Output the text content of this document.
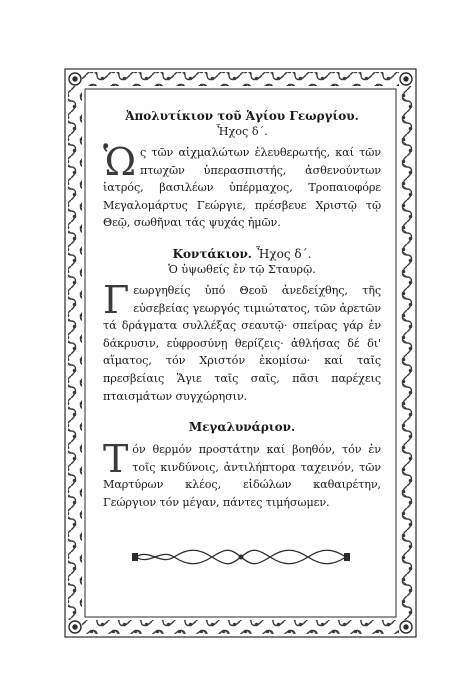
Ἀπολυτίκιον τοῦ Ἁγίου Γεωργίου.

Ἦχος δ΄.

Ὡς τῶν αἰχμαλώτων ἐλευθερωτής, καί τῶν πτωχῶν ὑπερασπιστής, ἀσθενούντων ἰατρός, βασιλέων ὑπέρμαχος, Τροπαιοφόρε Μεγαλομάρτυς Γεώργιε, πρέσβευε Χριστῷ τῷ Θεῷ, σωθῆναι τάς ψυχάς ἡμῶν.

Κοντάκιον. Ἦχος δ΄.

Ὁ ὑψωθείς ἐν τῷ Σταυρῷ.

Γεωργηθείς ὑπό Θεοῦ ἀνεδείχθης, τῆς εὐσεβείας γεωργός τιμιώτατος, τῶν ἀρετῶν τά δράγματα συλλέξας σεαυτῷ· σπείρας γάρ ἐν δάκρυσιν, εὐφροσύνῃ θερίζεις· ἀθλήσας δέ δι' αἵματος, τόν Χριστόν ἐκομίσω· καί ταῖς πρεσβείαις Ἅγιε ταῖς σαῖς, πᾶσι παρέχεις πταισμάτων συγχώρησιν.

Μεγαλυνάριον.

Τόν θερμόν προστάτην καί βοηθόν, τόν ἐν τοῖς κινδύνοις, ἀντιλήπτορα ταχεινόν, τῶν Μαρτύρων κλέος, εἰδώλων καθαιρέτην, Γεώργιον τόν μέγαν, πάντες τιμήσωμεν.
